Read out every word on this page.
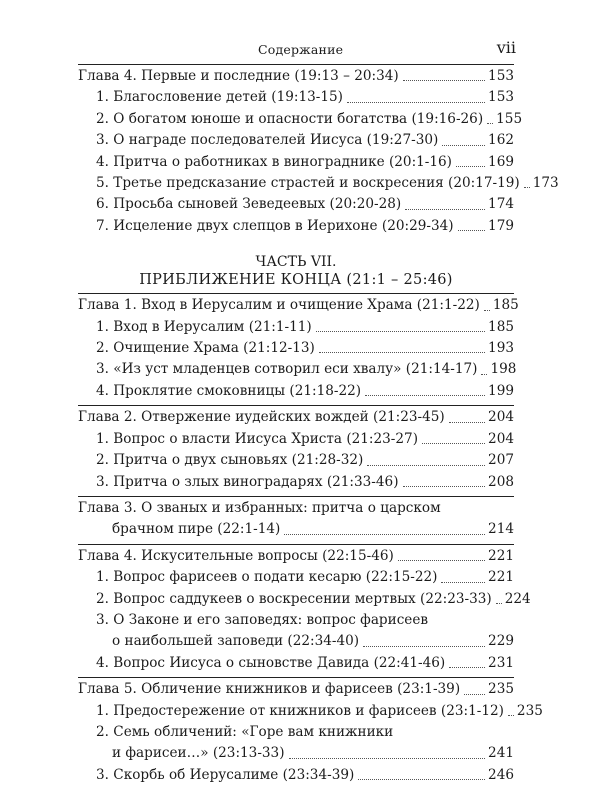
Содержание	vii
Глава 4. Первые и последние (19:13 – 20:34)	153
1. Благословение детей (19:13-15)	153
2. О богатом юноше и опасности богатства (19:16-26) 155
3. О награде последователей Иисуса (19:27-30)	162
4. Притча о работниках в винограднике (20:1-16)	169
5. Третье предсказание страстей и воскресения (20:17-19) 173
6. Просьба сыновей Зеведеевых (20:20-28)	174
7. Исцеление двух слепцов в Иерихоне (20:29-34)	179
ЧАСТЬ VII.
ПРИБЛИЖЕНИЕ КОНЦА (21:1 – 25:46)
Глава 1. Вход в Иерусалим и очищение Храма (21:1-22) 185
1. Вход в Иерусалим (21:1-11)	185
2. Очищение Храма (21:12-13)	193
3. «Из уст младенцев сотворил еси хвалу» (21:14-17) 198
4. Проклятие смоковницы (21:18-22)	199
Глава 2. Отвержение иудейских вождей (21:23-45)	204
1. Вопрос о власти Иисуса Христа (21:23-27)	204
2. Притча о двух сыновьях (21:28-32)	207
3. Притча о злых виноградарях (21:33-46)	208
Глава 3. О званых и избранных: притча о царском
брачном пире (22:1-14)	214
Глава 4. Искусительные вопросы (22:15-46)	221
1. Вопрос фарисеев о подати кесарю (22:15-22)	221
2. Вопрос саддукеев о воскресении мертвых (22:23-33) 224
3. О Законе и его заповедях: вопрос фарисеев
о наибольшей заповеди (22:34-40)	229
4. Вопрос Иисуса о сыновстве Давида (22:41-46)	231
Глава 5. Обличение книжников и фарисеев (23:1-39) 235
1. Предостережение от книжников и фарисеев (23:1-12) 235
2. Семь обличений: «Горе вам книжники
и фарисеи…» (23:13-33)	241
3. Скорбь об Иерусалиме (23:34-39)	246
